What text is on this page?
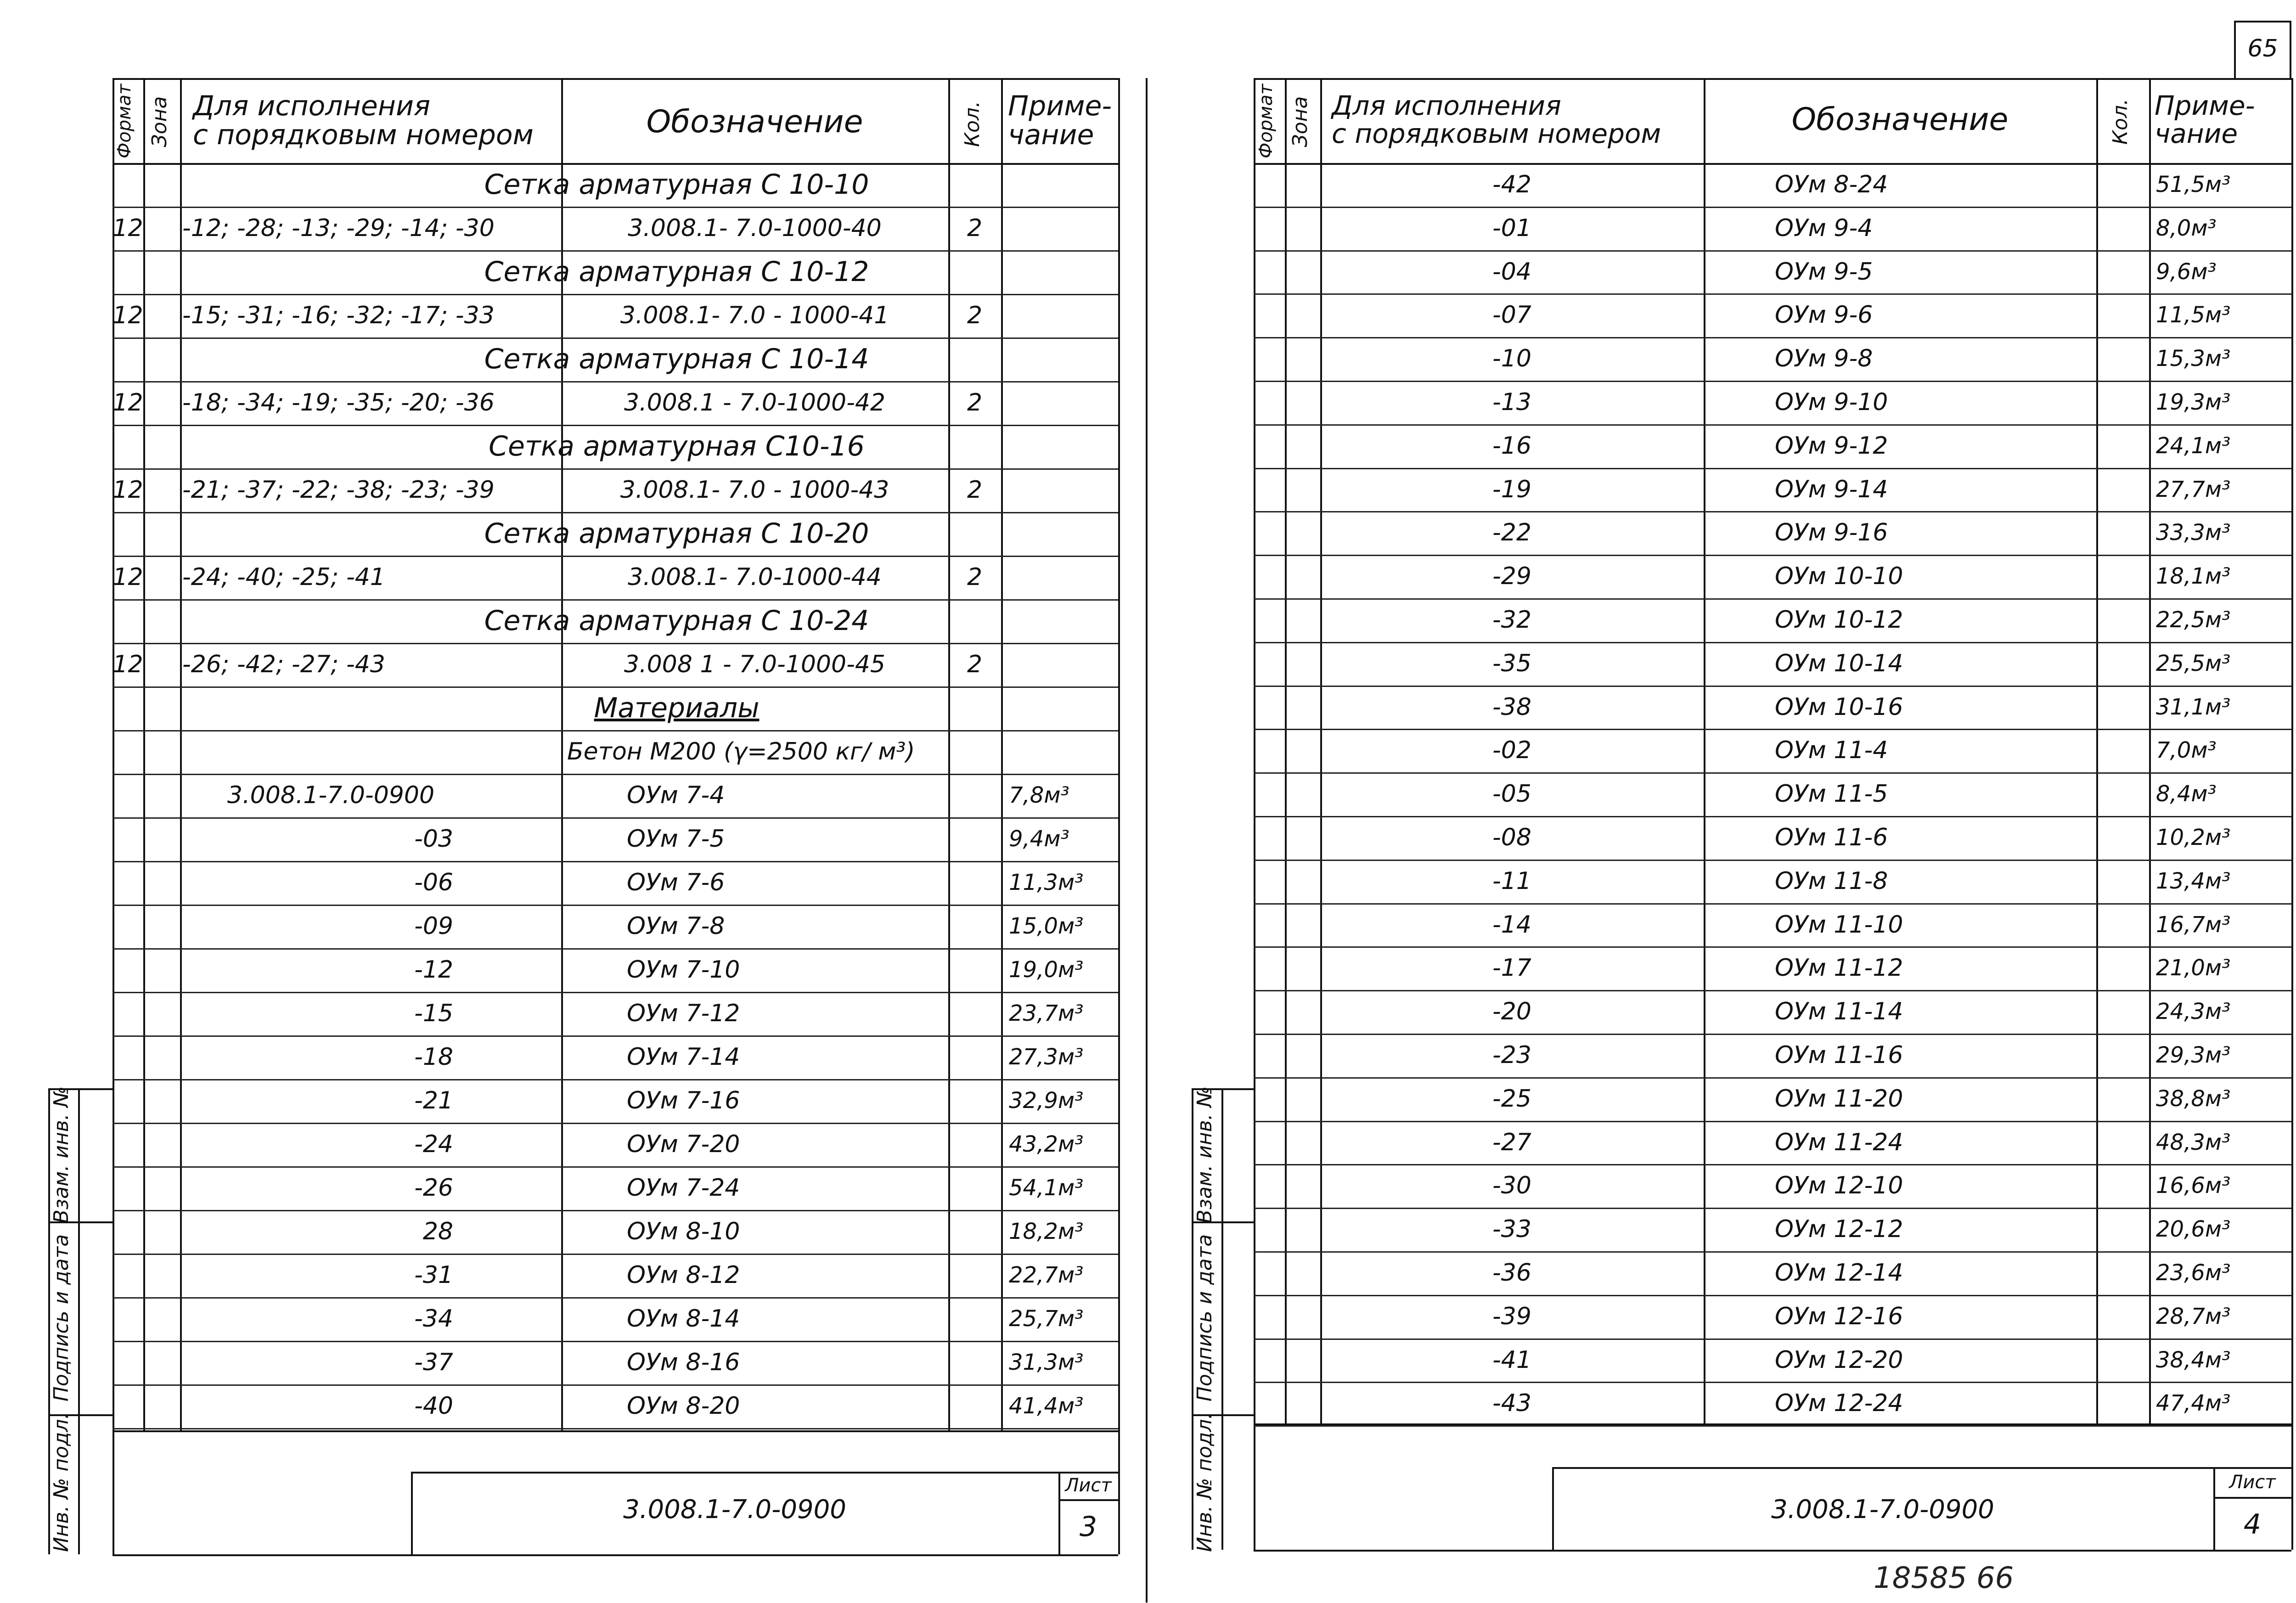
Формат Зона Для исполнения
с порядковым номером	Обозначение	Кол. Приме-
чание
Сетка арматурная С 10-10
12 -12; -28; -13; -29; -14; -30	3.008.1- 7.0-1000-40	2
Сетка арматурная С 10-12
12 -15; -31; -16; -32; -17; -33	3.008.1- 7.0 - 1000-41	2
Сетка арматурная С 10-14
12 -18; -34; -19; -35; -20; -36	3.008.1 - 7.0-1000-42	2
Сетка арматурная С10-16
12 -21; -37; -22; -38; -23; -39	3.008.1- 7.0 - 1000-43	2
Сетка арматурная С 10-20
12 -24; -40; -25; -41	3.008.1- 7.0-1000-44	2
Сетка арматурная С 10-24
12 -26; -42; -27; -43	3.008 1 - 7.0-1000-45	2
Материалы
Бетон М200 (γ=2500 кг/ м³)
3.008.1-7.0-0900	ОУм 7-4	7,8м³
-03	ОУм 7-5	9,4м³
-06	ОУм 7-6	11,3м³
-09	ОУм 7-8	15,0м³
-12	ОУм 7-10	19,0м³
-15	ОУм 7-12	23,7м³
-18	ОУм 7-14	27,3м³
-21	ОУм 7-16	32,9м³
-24	ОУм 7-20	43,2м³
-26	ОУм 7-24	54,1м³
28	ОУм 8-10	18,2м³
-31	ОУм 8-12	22,7м³
-34	ОУм 8-14	25,7м³
-37	ОУм 8-16	31,3м³
-40	ОУм 8-20	41,4м³
3.008.1-7.0-0900
Лист
3
Взам. инв. №
Подпись и дата
Инв. № подл.
Формат Зона Для исполнения
с порядковым номером	Обозначение	Кол. Приме-
чание
-42	ОУм 8-24	51,5м³
-01	ОУм 9-4	8,0м³
-04	ОУм 9-5	9,6м³
-07	ОУм 9-6	11,5м³
-10	ОУм 9-8	15,3м³
-13	ОУм 9-10	19,3м³
-16	ОУм 9-12	24,1м³
-19	ОУм 9-14	27,7м³
-22	ОУм 9-16	33,3м³
-29	ОУм 10-10	18,1м³
-32	ОУм 10-12	22,5м³
-35	ОУм 10-14	25,5м³
-38	ОУм 10-16	31,1м³
-02	ОУм 11-4	7,0м³
-05	ОУм 11-5	8,4м³
-08	ОУм 11-6	10,2м³
-11	ОУм 11-8	13,4м³
-14	ОУм 11-10	16,7м³
-17	ОУм 11-12	21,0м³
-20	ОУм 11-14	24,3м³
-23	ОУм 11-16	29,3м³
-25	ОУм 11-20	38,8м³
-27	ОУм 11-24	48,3м³
-30	ОУм 12-10	16,6м³
-33	ОУм 12-12	20,6м³
-36	ОУм 12-14	23,6м³
-39	ОУм 12-16	28,7м³
-41	ОУм 12-20	38,4м³
-43	ОУм 12-24	47,4м³
3.008.1-7.0-0900
Лист
4
Взам. инв. №
Подпись и дата
Инв. № подл.
65
18585 66
